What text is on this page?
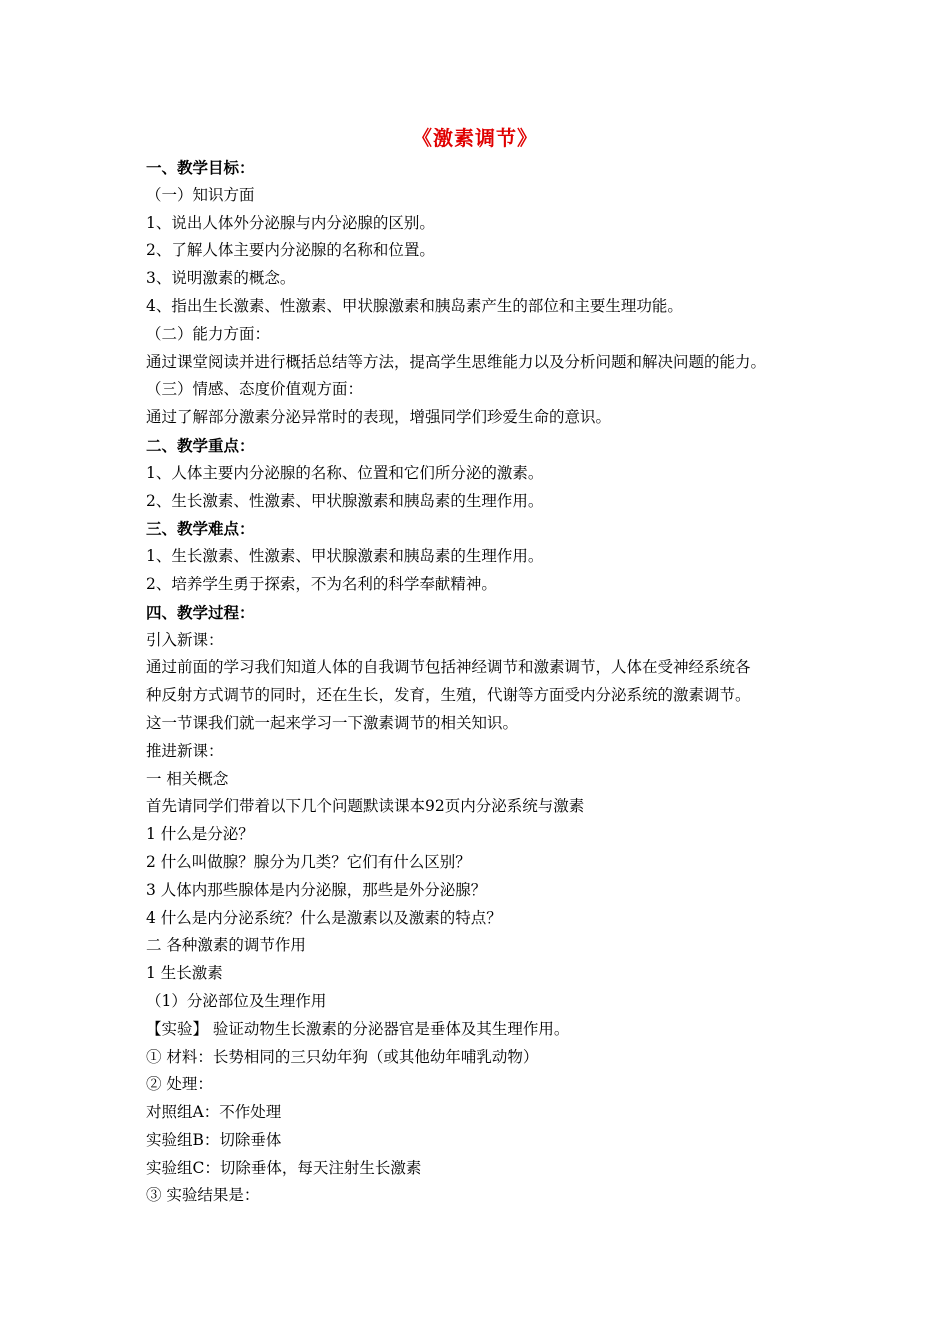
《激素调节》
一、教学目标：
（一）知识方面
1、说出人体外分泌腺与内分泌腺的区别。
2、了解人体主要内分泌腺的名称和位置。
3、说明激素的概念。
4、指出生长激素、性激素、甲状腺激素和胰岛素产生的部位和主要生理功能。
（二）能力方面：
通过课堂阅读并进行概括总结等方法，提高学生思维能力以及分析问题和解决问题的能力。
（三）情感、态度价值观方面：
通过了解部分激素分泌异常时的表现，增强同学们珍爱生命的意识。
二、教学重点：
1、人体主要内分泌腺的名称、位置和它们所分泌的激素。
2、生长激素、性激素、甲状腺激素和胰岛素的生理作用。
三、教学难点：
1、生长激素、性激素、甲状腺激素和胰岛素的生理作用。
2、培养学生勇于探索，不为名利的科学奉献精神。
四、教学过程：
引入新课：
通过前面的学习我们知道人体的自我调节包括神经调节和激素调节，人体在受神经系统各
种反射方式调节的同时，还在生长，发育，生殖，代谢等方面受内分泌系统的激素调节。
这一节课我们就一起来学习一下激素调节的相关知识。
推进新课：
一 相关概念
首先请同学们带着以下几个问题默读课本92页内分泌系统与激素
1 什么是分泌？
2 什么叫做腺？腺分为几类？它们有什么区别？
3 人体内那些腺体是内分泌腺，那些是外分泌腺？
4 什么是内分泌系统？什么是激素以及激素的特点？
二 各种激素的调节作用
1 生长激素
（1）分泌部位及生理作用
【实验】 验证动物生长激素的分泌器官是垂体及其生理作用。
① 材料：长势相同的三只幼年狗（或其他幼年哺乳动物）
② 处理：
对照组A：不作处理
实验组B：切除垂体
实验组C：切除垂体，每天注射生长激素
③ 实验结果是：
